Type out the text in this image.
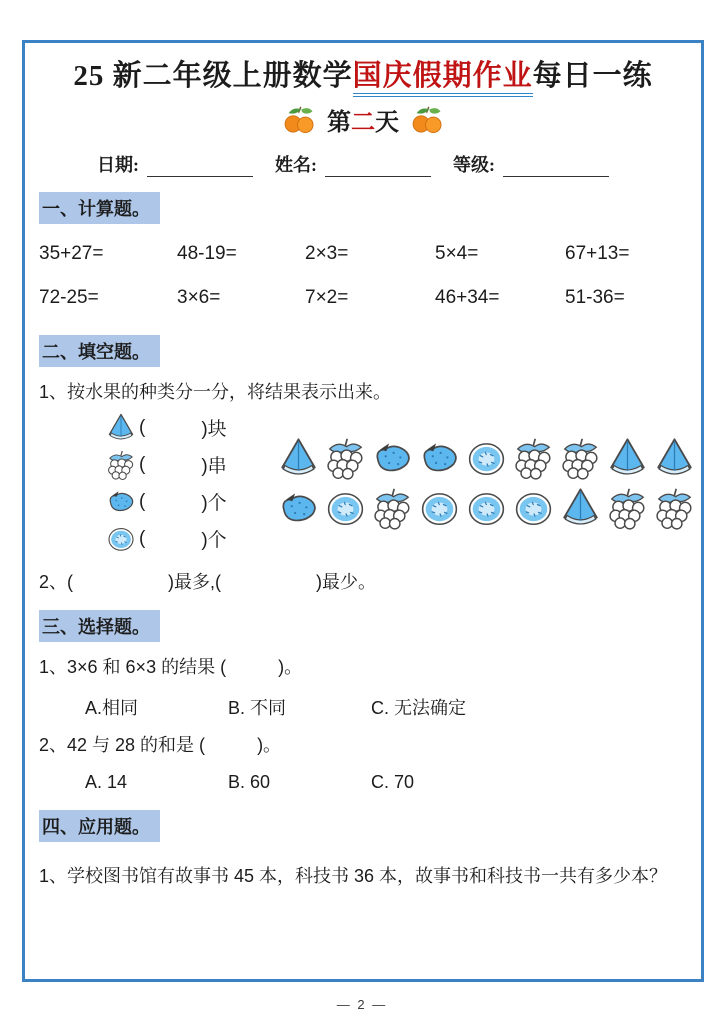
25 新二年级上册数学国庆假期作业每日一练
第二天
日期:	姓名:	等级:
一、计算题。
35+27=	48-19=	2×3=	5×4=	67+13=
72-25=	3×6=	7×2=	46+34=	51-36=
二、填空题。
1、按水果的种类分一分，将结果表示出来。
(	)块
(	)串
(	)个
(	)个
2、(	)最多,(	)最少。
三、选择题。
1、3×6 和 6×3 的结果 (	)。
A.相同	B. 不同	C. 无法确定
2、42 与 28 的和是 (	)。
A. 14	B. 60	C. 70
四、应用题。
1、学校图书馆有故事书 45 本，科技书 36 本，故事书和科技书一共有多少本？
— 2 —
